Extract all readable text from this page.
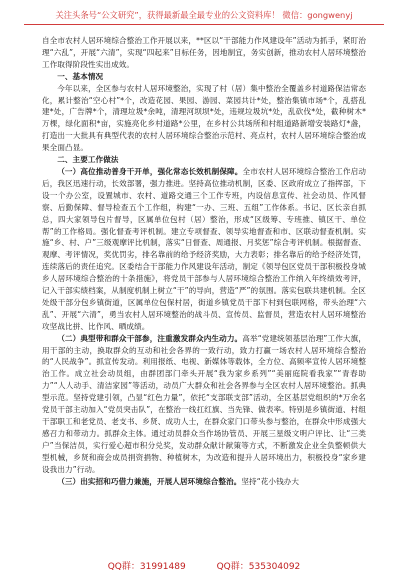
关注头条号“公文研究”，获得最新最全最专业的公文资料库！ 微信：gongwenyj

自全市农村人居环境综合整治工作开展以来，**区以“干部能力作风建设年”活动为抓手，紧盯治理“六乱”，开展“六清”，实现“四起来”目标任务，因地制宜，务实创新，推动农村人居环境整治工作取得阶段性实出成效。

一、基本情况

今年以来，全区参与农村人居环境整治，实现了村（居）集中整治全覆盖乡村道路保洁常态化，累计整治“空心村”*个，改造花园、果园、游园、菜园共计*处，整治集镇市场*个，乱搭乱建*处，广告牌*个，清理垃圾*余吨，清理河坝坝*处，违规垃圾坑*处，乱砍伐*处，截种树木*万棵，绿化面积*亩，实施亮化乡村道路*公里，在乡村公共场所和村组道路新增安装路灯*盏，打造出一大批具有典型代表的农村人居环境综合整治示范村、亮点村，农村人居环境综合整治成果全面凸显。

二、主要工作做法

（一）高位推动普身干开单，强化常态长效机制保障。全市农村人居环境综合整治工作启动后，我区迅速行动，长效部署，强力推进。坚持高位推动机制，区委、区政府成立了指挥部，下设一个办公室，设置城市、农村、道路交通三个工作专班，内设信息宣传、社会动员、作风督察、后勤保障、督导检查五个工作组，构建“一办、三班、五组”工作体系。书记、区长亲自抓总，四大家领导包片督导，区属单位包村（居）整治，形成“区级筹、专班推、镇区干、单位帮”的工作格局。强化督查考评机制。建立专项督查、领导实地督查和市、区联动督查机制。实施“乡、村、户”三级观摩评比机制，落实“日督查、周通报、月奖惩”综合考评机制。根据督查、观摩、考评情况，奖优罚劣，排名靠前的给予经济奖励，大力表彰；排名靠后的给予经济处罚，连续落后的责任追究。区委结合干部能力作风建设年活动，制定《领导包区党员干部积极投身城乡人居环境综合整治的十条措施》，将党员干部参与人居环境综合整治工作纳入年终绩效考评，记入干部实绩档案，从制度机制上树立“干”的导向，营造“严”的氛围。落实包联共建机制。全区处级干部分包乡镇街道，区属单位包保村居，街道乡镇党员干部下村到包联网格，带头治理“六乱”、开展“六清”，勇当农村人居环境整治的战斗员、宣传员、监督员，营造农村人居环境整治攻坚战比拼、比作风、晒成绩。

（二）典型带和群众干部参，注重激发群众内生动力。高举“党建统领基层治理”工作大旗，用干部的主动，换取群众的互动和社会各界的一致行动，致力打赢一场农村人居环境综合整治的“人民战争”。抓宣传发动。利用报纸、电视、新媒体等载体，全方位、高频率宣传人居环境整治工作。成立社会动员组，由群团部门牵头开展“我为家乡系列”“美丽庭院看我家”“青春助力”“人人动手、清洁家园”等活动，动员广大群众和社会各界参与全区农村人居环境整治。抓典型示范。坚持党建引领，凸显“红色力量”，依托“支部联支部”活动，全区基层党组织的*万余名党员干部主动加入“党员突击队”，在整治一线扛红旗、当先锋、做表率。特别是乡镇街道、村组干部职工和老党员、老支书、乡贤、成功人士，在群众家门口带头参与整治，在群众中形成强大感召力和带动力。抓群众主体。通过动员群众当作场协管员、开展三星级文明户评比、让“三类户”当保洁员，实行爱心超市积分兑奖，发动群众献计献策等方式，不断激发企业全负整顿供大型机械，乡贤和商会成员捐资捐物、种植树木，为改造和提升人居环境出力，积极投身“家乡建设我出力”行动。

（三）出实招和巧借力兼施，开展人居环境综合整治。坚持“花小钱办大

QQ群：31991489	QQ群：535304092
